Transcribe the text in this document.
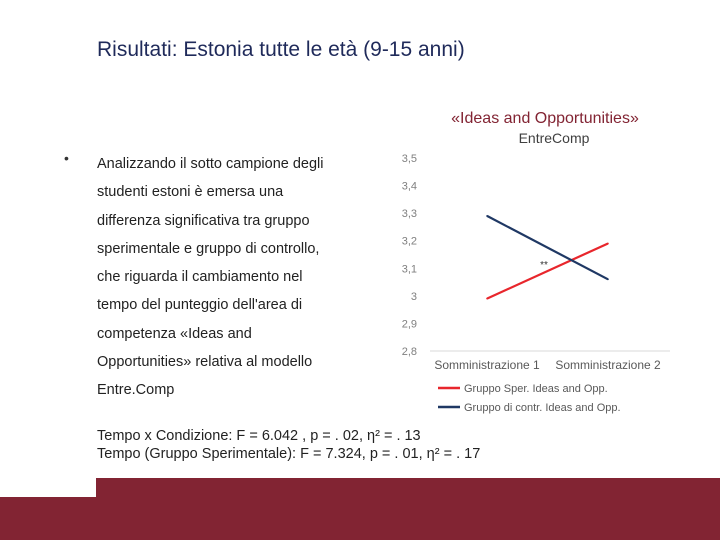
Risultati: Estonia tutte le età (9-15 anni)
• Analizzando il sotto campione degli
studenti estoni è emersa una
differenza significativa tra gruppo
sperimentale e gruppo di controllo,
che riguarda il cambiamento nel
tempo del punteggio dell'area di
competenza «Ideas and
Opportunities» relativa al modello
Entre.Comp
Tempo x Condizione: F = 6.042 , p = . 02, η² = . 13
Tempo (Gruppo Sperimentale): F = 7.324, p = . 01, η² = . 17
«Ideas and Opportunities»
EntreComp
3,5
3,4
3,3
3,2
3,1
3
2,9
2,8
Somministrazione 1 Somministrazione 2
**
Gruppo Sper. Ideas and Opp.
Gruppo di contr. Ideas and Opp.
